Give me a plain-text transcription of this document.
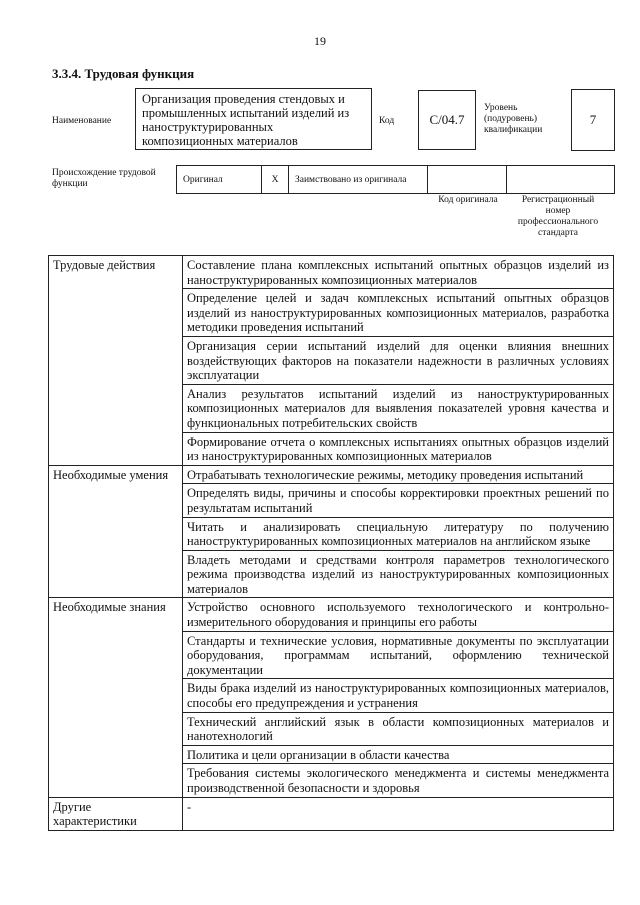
19
3.3.4. Трудовая функция
Наименование
Организация проведения стендовых и промышленных испытаний изделий из наноструктурированных композиционных материалов
Код	С/04.7
Уровень (подуровень) квалификации
7
Происхождение трудовой функции	Оригинал	Х	Заимствовано из оригинала		
Код оригинала	Регистрационный номер профессионального стандарта
Трудовые действия	Составление плана комплексных испытаний опытных образцов изделий из наноструктурированных композиционных материалов
	Определение целей и задач комплексных испытаний опытных образцов изделий из наноструктурированных композиционных материалов, разработка методики проведения испытаний
	Организация серии испытаний изделий для оценки влияния внешних воздействующих факторов на показатели надежности в различных условиях эксплуатации
	Анализ результатов испытаний изделий из наноструктурированных композиционных материалов для выявления показателей уровня качества и функциональных потребительских свойств
	Формирование отчета о комплексных испытаниях опытных образцов изделий из наноструктурированных композиционных материалов
Необходимые умения	Отрабатывать технологические режимы, методику проведения испытаний
	Определять виды, причины и способы корректировки проектных решений по результатам испытаний
	Читать и анализировать специальную литературу по получению наноструктурированных композиционных материалов на английском языке
	Владеть методами и средствами контроля параметров технологического режима производства изделий из наноструктурированных композиционных материалов
Необходимые знания	Устройство основного используемого технологического и контрольно-измерительного оборудования и принципы его работы
	Стандарты и технические условия, нормативные документы по эксплуатации оборудования, программам испытаний, оформлению технической документации
	Виды брака изделий из наноструктурированных композиционных материалов, способы его предупреждения и устранения
	Технический английский язык в области композиционных материалов и нанотехнологий
	Политика и цели организации в области качества
	Требования системы экологического менеджмента и системы менеджмента производственной безопасности и здоровья
Другие характеристики	-
